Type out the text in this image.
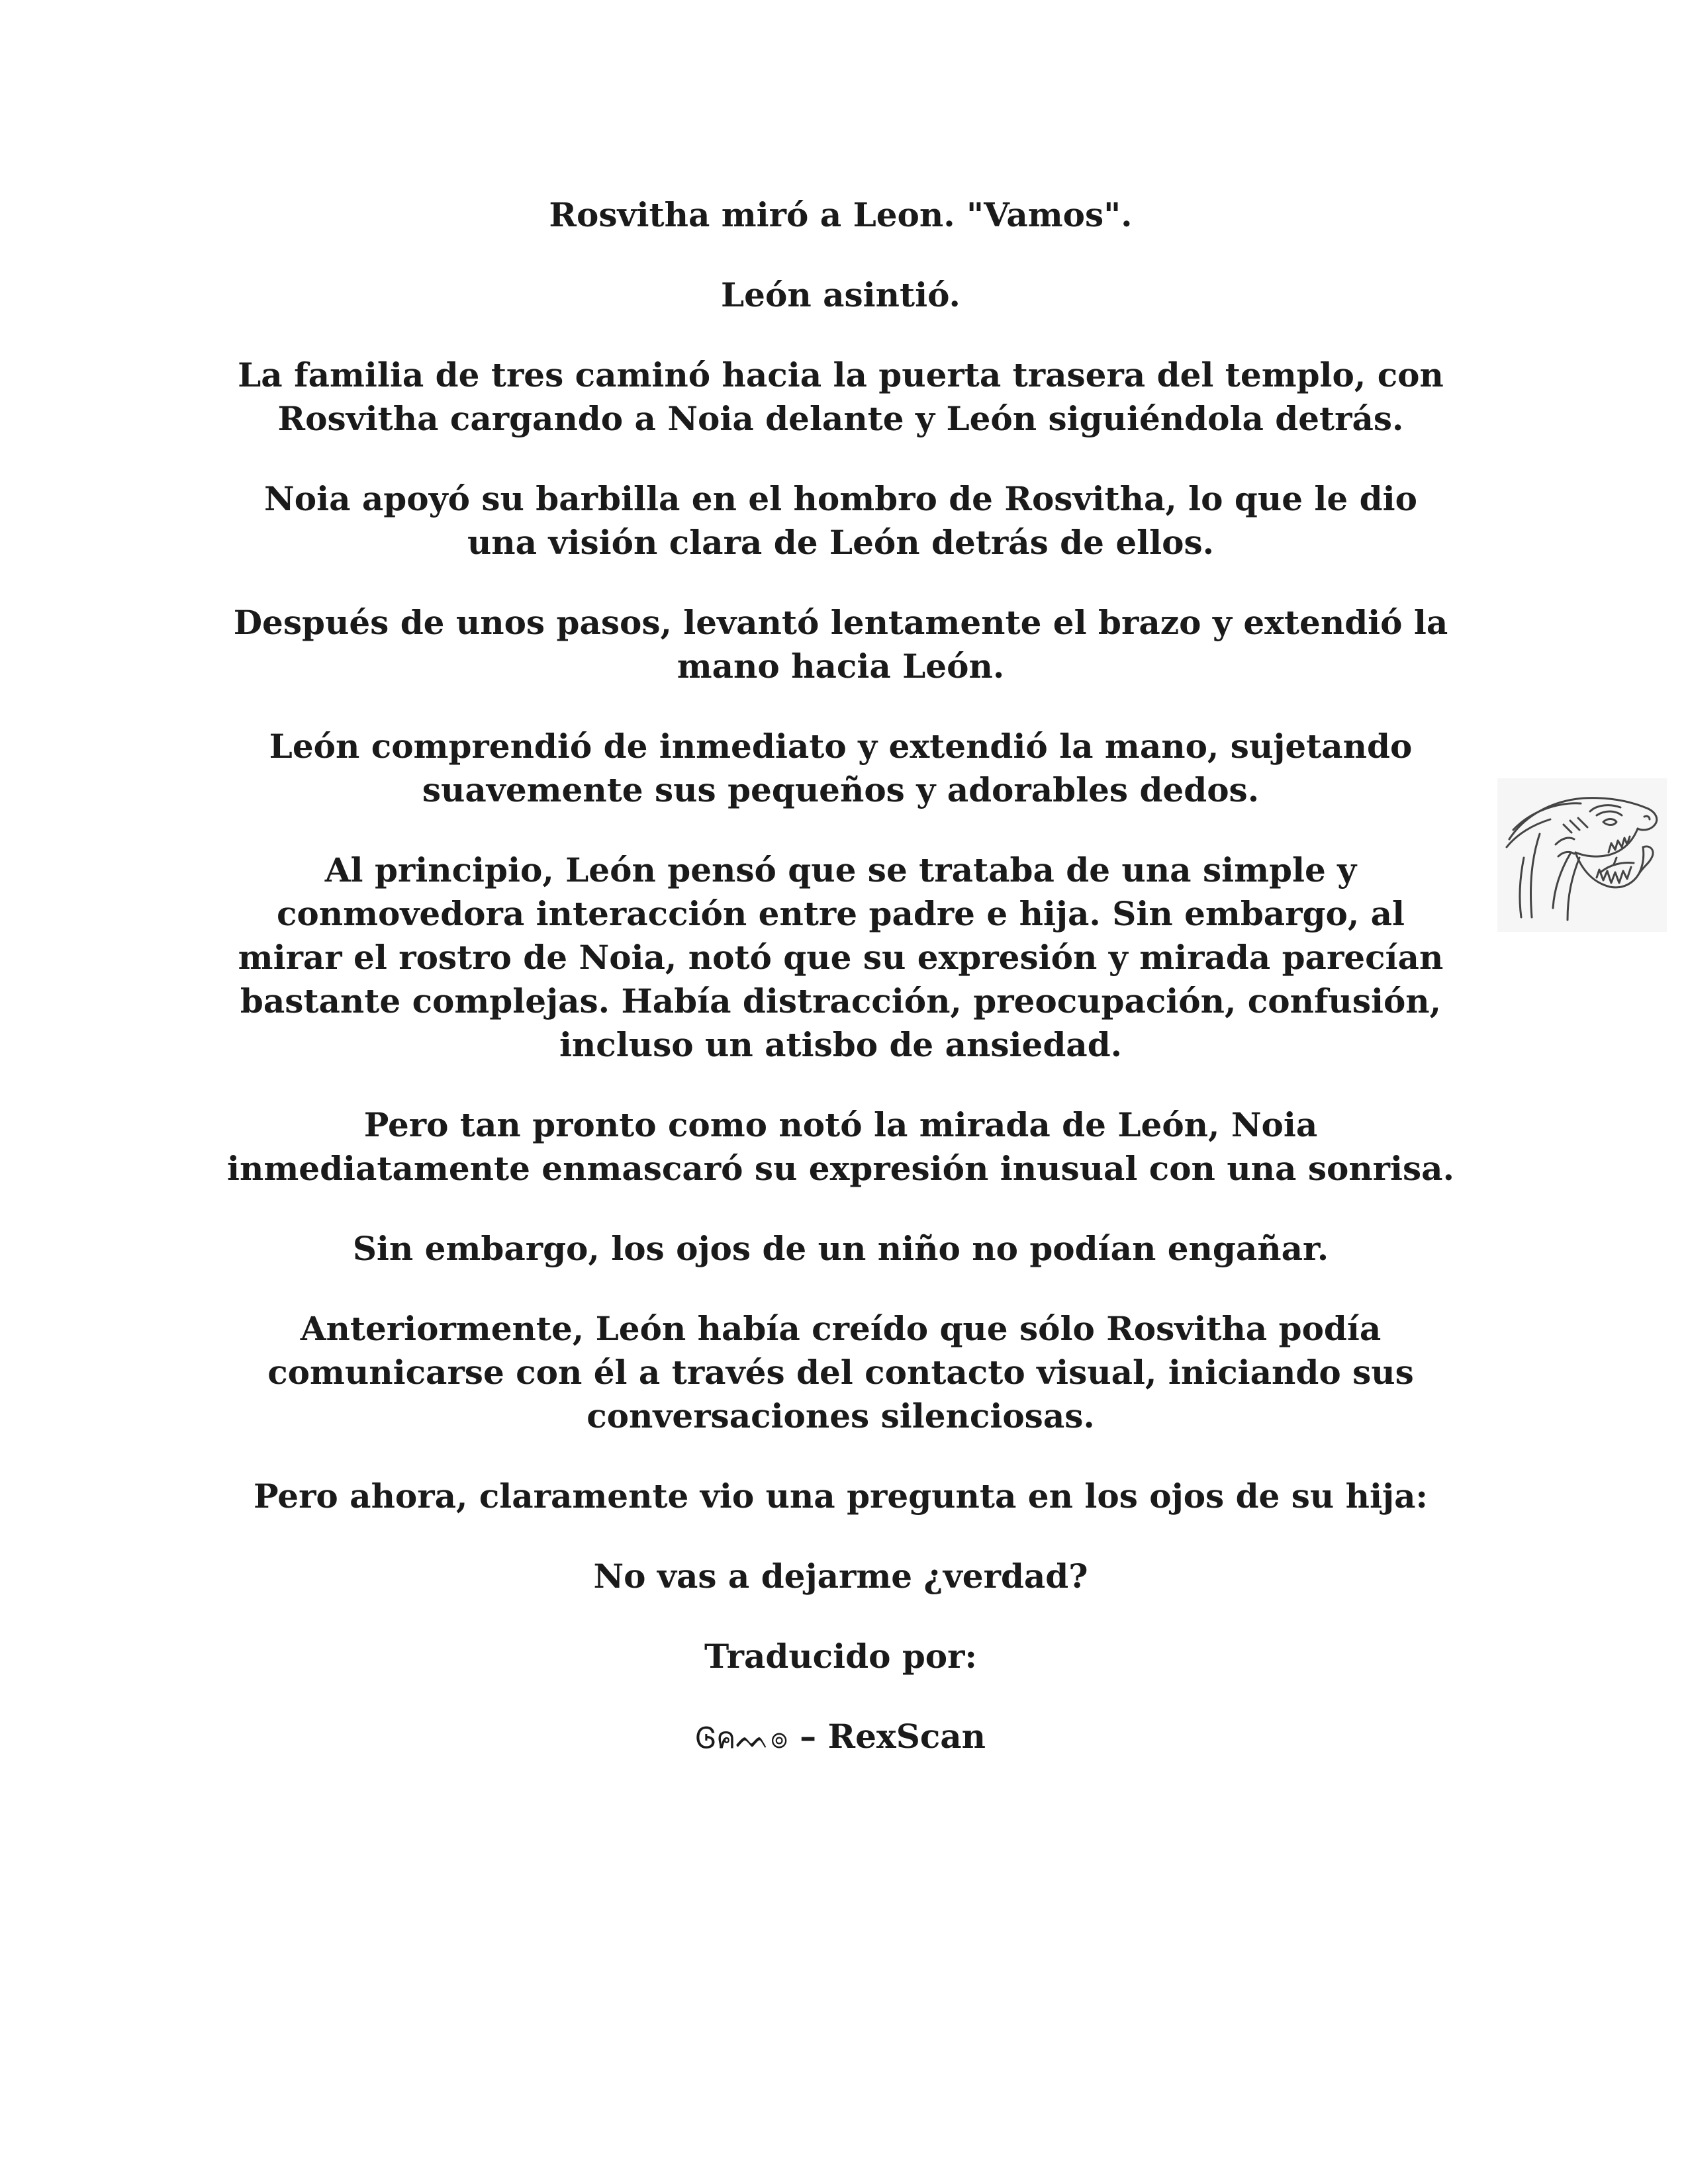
Rosvitha miró a Leon. "Vamos".

León asintió.

La familia de tres caminó hacia la puerta trasera del templo, con Rosvitha cargando a Noia delante y León siguiéndola detrás.

Noia apoyó su barbilla en el hombro de Rosvitha, lo que le dio una visión clara de León detrás de ellos.

Después de unos pasos, levantó lentamente el brazo y extendió la mano hacia León.

León comprendió de inmediato y extendió la mano, sujetando suavemente sus pequeños y adorables dedos.

Al principio, León pensó que se trataba de una simple y conmovedora interacción entre padre e hija. Sin embargo, al mirar el rostro de Noia, notó que su expresión y mirada parecían bastante complejas. Había distracción, preocupación, confusión, incluso un atisbo de ansiedad.

Pero tan pronto como notó la mirada de León, Noia inmediatamente enmascaró su expresión inusual con una sonrisa.

Sin embargo, los ojos de un niño no podían engañar.

Anteriormente, León había creído que sólo Rosvitha podía comunicarse con él a través del contacto visual, iniciando sus conversaciones silenciosas.

Pero ahora, claramente vio una pregunta en los ojos de su hija:

No vas a dejarme ¿verdad?

Traducido por:

Ꮆคᨓ๏ – RexScan
